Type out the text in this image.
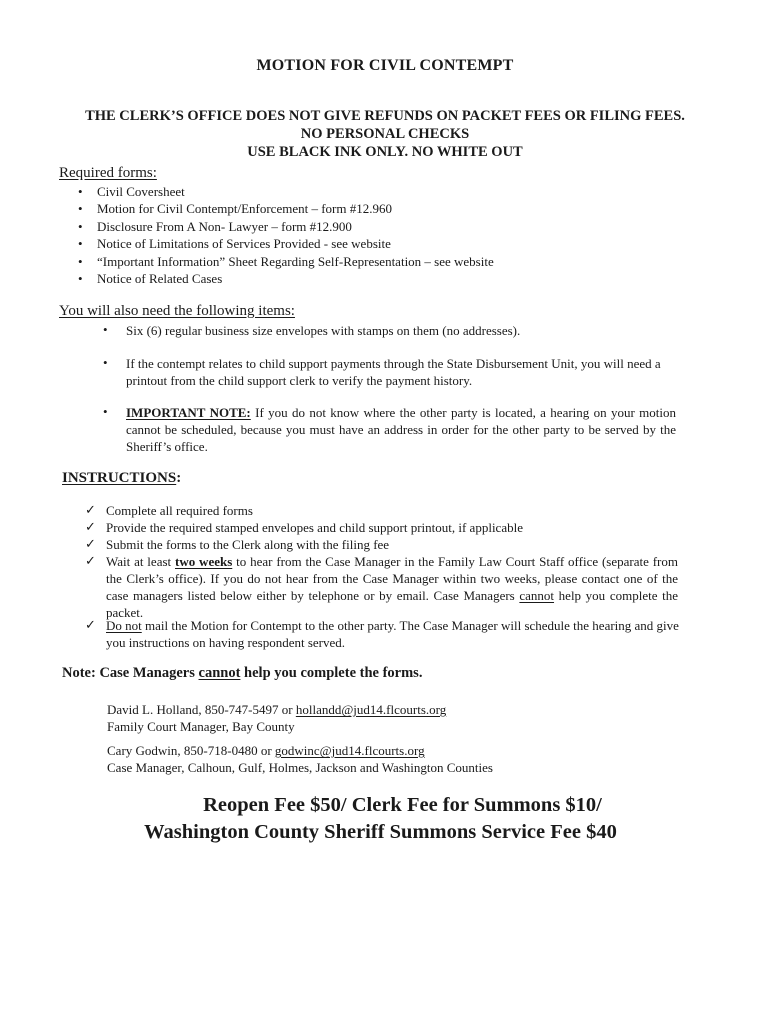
MOTION FOR CIVIL CONTEMPT
THE CLERK’S OFFICE DOES NOT GIVE REFUNDS ON PACKET FEES OR FILING FEES.
NO PERSONAL CHECKS
USE BLACK INK ONLY. NO WHITE OUT
Required forms:
• Civil Coversheet
• Motion for Civil Contempt/Enforcement – form #12.960
• Disclosure From A Non- Lawyer – form #12.900
• Notice of Limitations of Services Provided - see website
• “Important Information” Sheet Regarding Self-Representation – see website
• Notice of Related Cases
You will also need the following items:
• Six (6) regular business size envelopes with stamps on them (no addresses).
• If the contempt relates to child support payments through the State Disbursement Unit, you will need a printout from the child support clerk to verify the payment history.
• IMPORTANT NOTE: If you do not know where the other party is located, a hearing on your motion cannot be scheduled, because you must have an address in order for the other party to be served by the Sheriff’s office.
INSTRUCTIONS:
✓ Complete all required forms
✓ Provide the required stamped envelopes and child support printout, if applicable
✓ Submit the forms to the Clerk along with the filing fee
✓ Wait at least two weeks to hear from the Case Manager in the Family Law Court Staff office (separate from the Clerk’s office). If you do not hear from the Case Manager within two weeks, please contact one of the case managers listed below either by telephone or by email. Case Managers cannot help you complete the packet.
✓ Do not mail the Motion for Contempt to the other party. The Case Manager will schedule the hearing and give you instructions on having respondent served.
Note: Case Managers cannot help you complete the forms.
David L. Holland, 850-747-5497 or hollandd@jud14.flcourts.org
Family Court Manager, Bay County
Cary Godwin, 850-718-0480 or godwinc@jud14.flcourts.org
Case Manager, Calhoun, Gulf, Holmes, Jackson and Washington Counties
Reopen Fee $50/ Clerk Fee for Summons $10/
Washington County Sheriff Summons Service Fee $40
